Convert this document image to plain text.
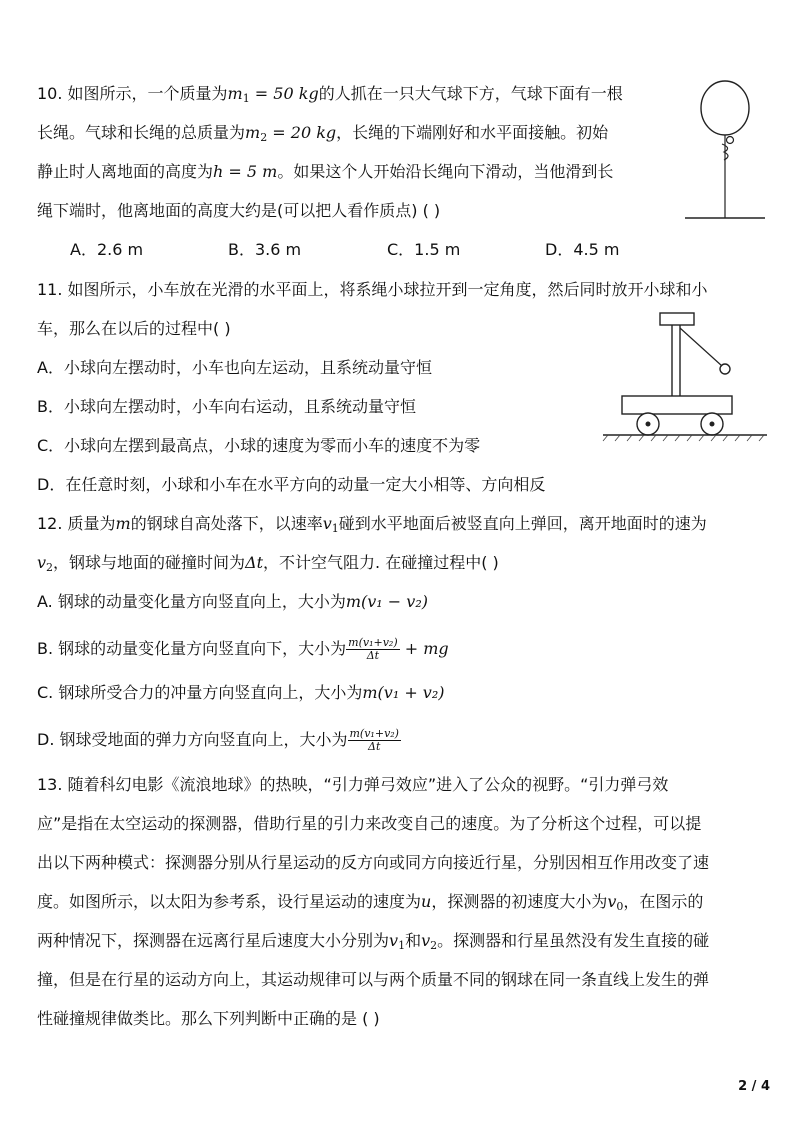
10. 如图所示，一个质量为$m_1 = 50$ kg的人抓在一只大气球下方，气球下面有一根
长绳。气球和长绳的总质量为$m_2 = 20$ kg，长绳的下端刚好和水平面接触。初始
静止时人离地面的高度为h = 5 m。如果这个人开始沿长绳向下滑动，当他滑到长
绳下端时，他离地面的高度大约是(可以把人看作质点) ( )
A．2.6 m	B．3.6 m	C．1.5 m	D．4.5 m
11. 如图所示，小车放在光滑的水平面上，将系绳小球拉开到一定角度，然后同时放开小球和小
车，那么在以后的过程中( )
A．小球向左摆动时，小车也向左运动，且系统动量守恒
B．小球向左摆动时，小车向右运动，且系统动量守恒
C．小球向左摆到最高点，小球的速度为零而小车的速度不为零
D．在任意时刻，小球和小车在水平方向的动量一定大小相等、方向相反
12. 质量为m的钢球自高处落下，以速率$v_1$碰到水平地面后被竖直向上弹回，离开地面时的速为
$v_2$，钢球与地面的碰撞时间为Δt，不计空气阻力. 在碰撞过程中( )
A. 钢球的动量变化量方向竖直向上，大小为m(v₁ − v₂)
B. 钢球的动量变化量方向竖直向下，大小为 $\frac{\text{m(v₁+v₂)}}{\Delta t}$ + mg
C. 钢球所受合力的冲量方向竖直向上，大小为m(v₁ + v₂)
D. 钢球受地面的弹力方向竖直向上，大小为 $\frac{\text{m(v₁+v₂)}}{\Delta t}$
13. 随着科幻电影《流浪地球》的热映，“引力弹弓效应”进入了公众的视野。“引力弹弓效
应”是指在太空运动的探测器，借助行星的引力来改变自己的速度。为了分析这个过程，可以提
出以下两种模式：探测器分别从行星运动的反方向或同方向接近行星，分别因相互作用改变了速
度。如图所示，以太阳为参考系，设行星运动的速度为u，探测器的初速度大小为$v_0$，在图示的
两种情况下，探测器在远离行星后速度大小分别为$v_1$和$v_2$。探测器和行星虽然没有发生直接的碰
撞，但是在行星的运动方向上，其运动规律可以与两个质量不同的钢球在同一条直线上发生的弹
性碰撞规律做类比。那么下列判断中正确的是 ( )
2 / 4
